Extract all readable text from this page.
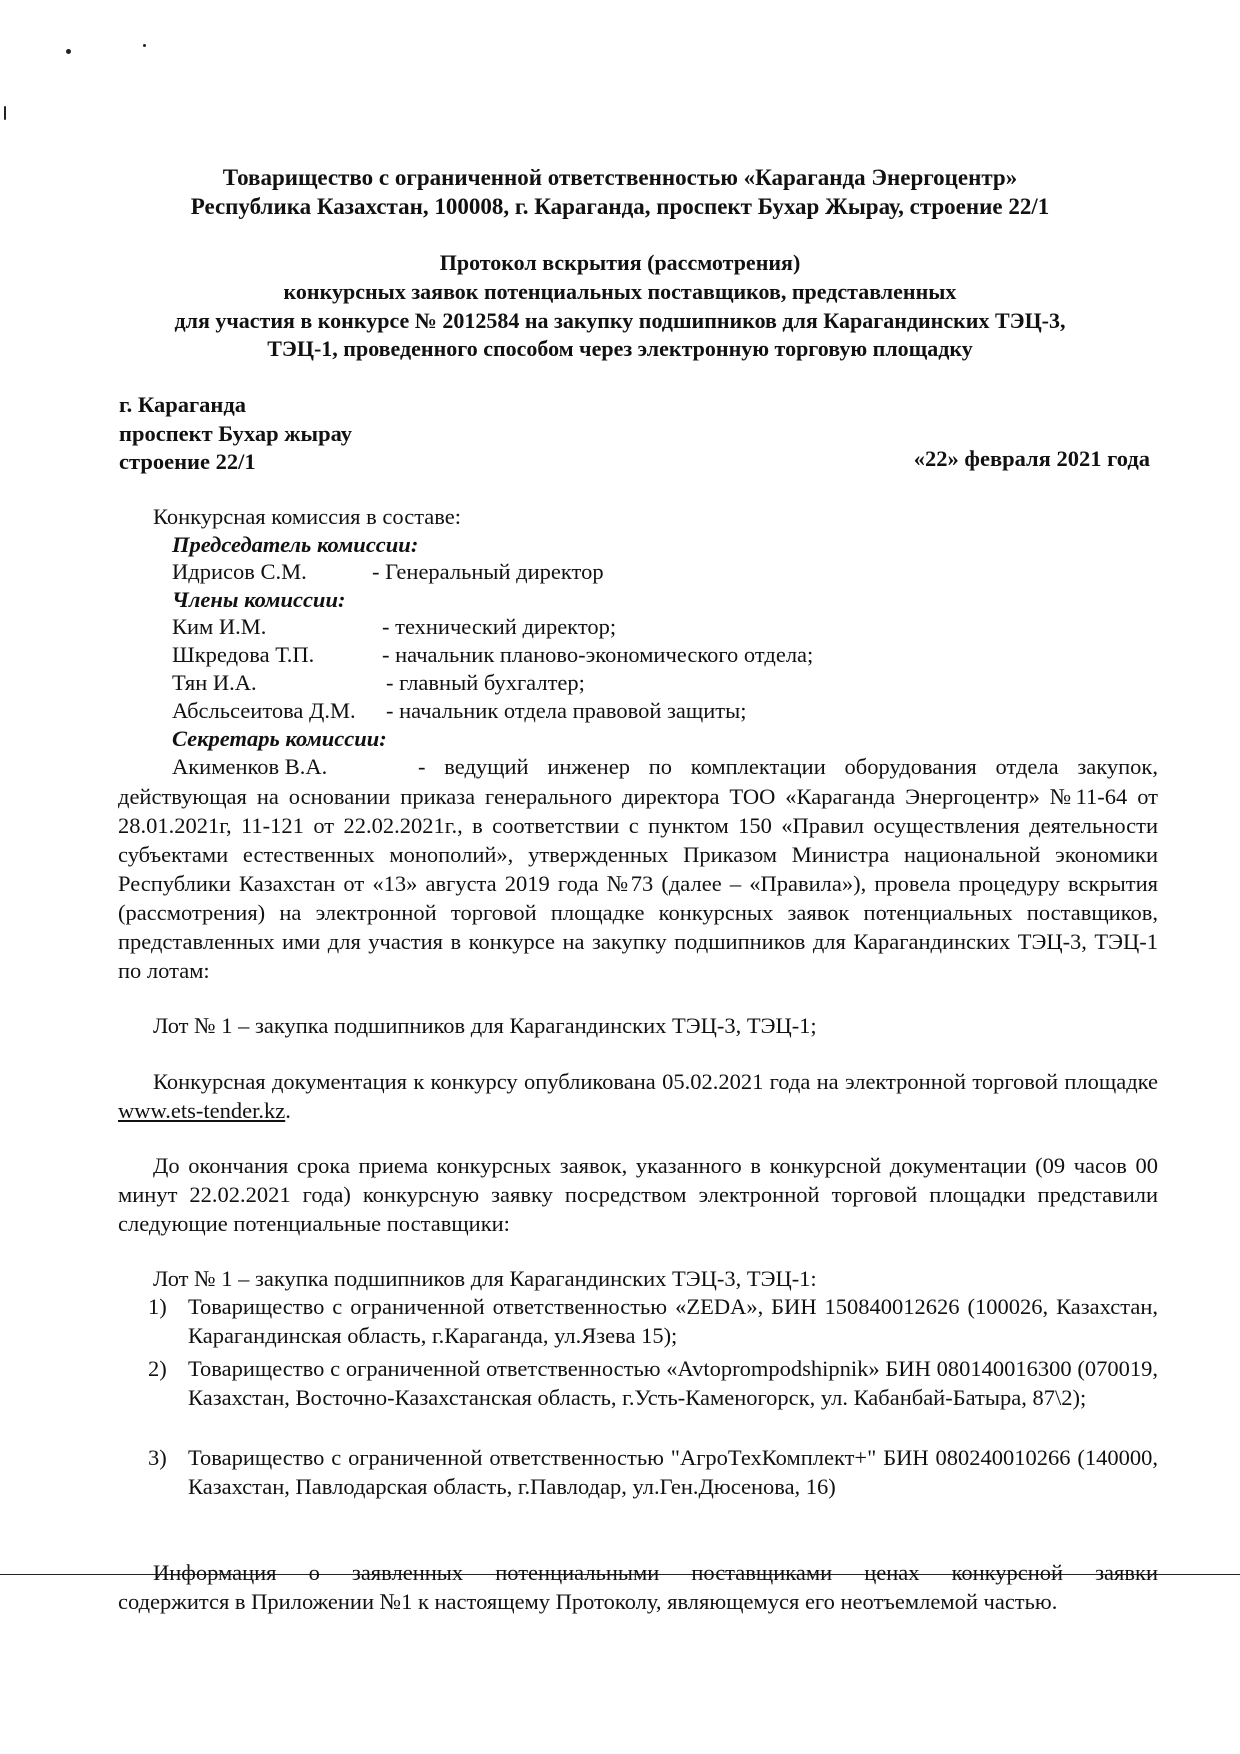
Товарищество с ограниченной ответственностью «Караганда Энергоцентр»
Республика Казахстан, 100008, г. Караганда, проспект Бухар Жырау, строение 22/1
Протокол вскрытия (рассмотрения)
конкурсных заявок потенциальных поставщиков, представленных
для участия в конкурсе № 2012584 на закупку подшипников для Карагандинских ТЭЦ-3,
ТЭЦ-1, проведенного способом через электронную торговую площадку
г. Караганда
проспект Бухар жырау
строение 22/1	«22» февраля 2021 года
Конкурсная комиссия в составе:
Председатель комиссии:
Идрисов С.М.	- Генеральный директор
Члены комиссии:
Ким И.М.	- технический директор;
Шкредова Т.П.	- начальник планово-экономического отдела;
Тян И.А.	- главный бухгалтер;
Абсльсеитова Д.М. - начальник отдела правовой защиты;
Секретарь комиссии:
Акименков В.А.	- ведущий инженер по комплектации оборудования отдела закупок,
действующая на основании приказа генерального директора ТОО «Караганда Энергоцентр» №11-64 от 28.01.2021г, 11-121 от 22.02.2021г., в соответствии с пунктом 150 «Правил осуществления деятельности субъектами естественных монополий», утвержденных Приказом Министра национальной экономики Республики Казахстан от «13» августа 2019 года №73 (далее – «Правила»), провела процедуру вскрытия (рассмотрения) на электронной торговой площадке конкурсных заявок потенциальных поставщиков, представленных ими для участия в конкурсе на закупку подшипников для Карагандинских ТЭЦ-3, ТЭЦ-1 по лотам:
Лот № 1 – закупка подшипников для Карагандинских ТЭЦ-3, ТЭЦ-1;
Конкурсная документация к конкурсу опубликована 05.02.2021 года на электронной торговой площадке www.ets-tender.kz.
До окончания срока приема конкурсных заявок, указанного в конкурсной документации (09 часов 00 минут 22.02.2021 года) конкурсную заявку посредством электронной торговой площадки представили следующие потенциальные поставщики:
Лот № 1 – закупка подшипников для Карагандинских ТЭЦ-3, ТЭЦ-1:
1) Товарищество с ограниченной ответственностью «ZEDA», БИН 150840012626 (100026, Казахстан, Карагандинская область, г.Караганда, ул.Язева 15);
2) Товарищество с ограниченной ответственностью «Avtoprompodshipnik» БИН 080140016300 (070019, Казахстан, Восточно-Казахстанская область, г.Усть-Каменогорск, ул. Кабанбай-Батыра, 87\2);
3) Товарищество с ограниченной ответственностью "АгроТехКомплект+" БИН 080240010266 (140000, Казахстан, Павлодарская область, г.Павлодар, ул.Ген.Дюсенова, 16)
Информация о заявленных потенциальными поставщиками ценах конкурсной заявки
содержится в Приложении №1 к настоящему Протоколу, являющемуся его неотъемлемой частью.
